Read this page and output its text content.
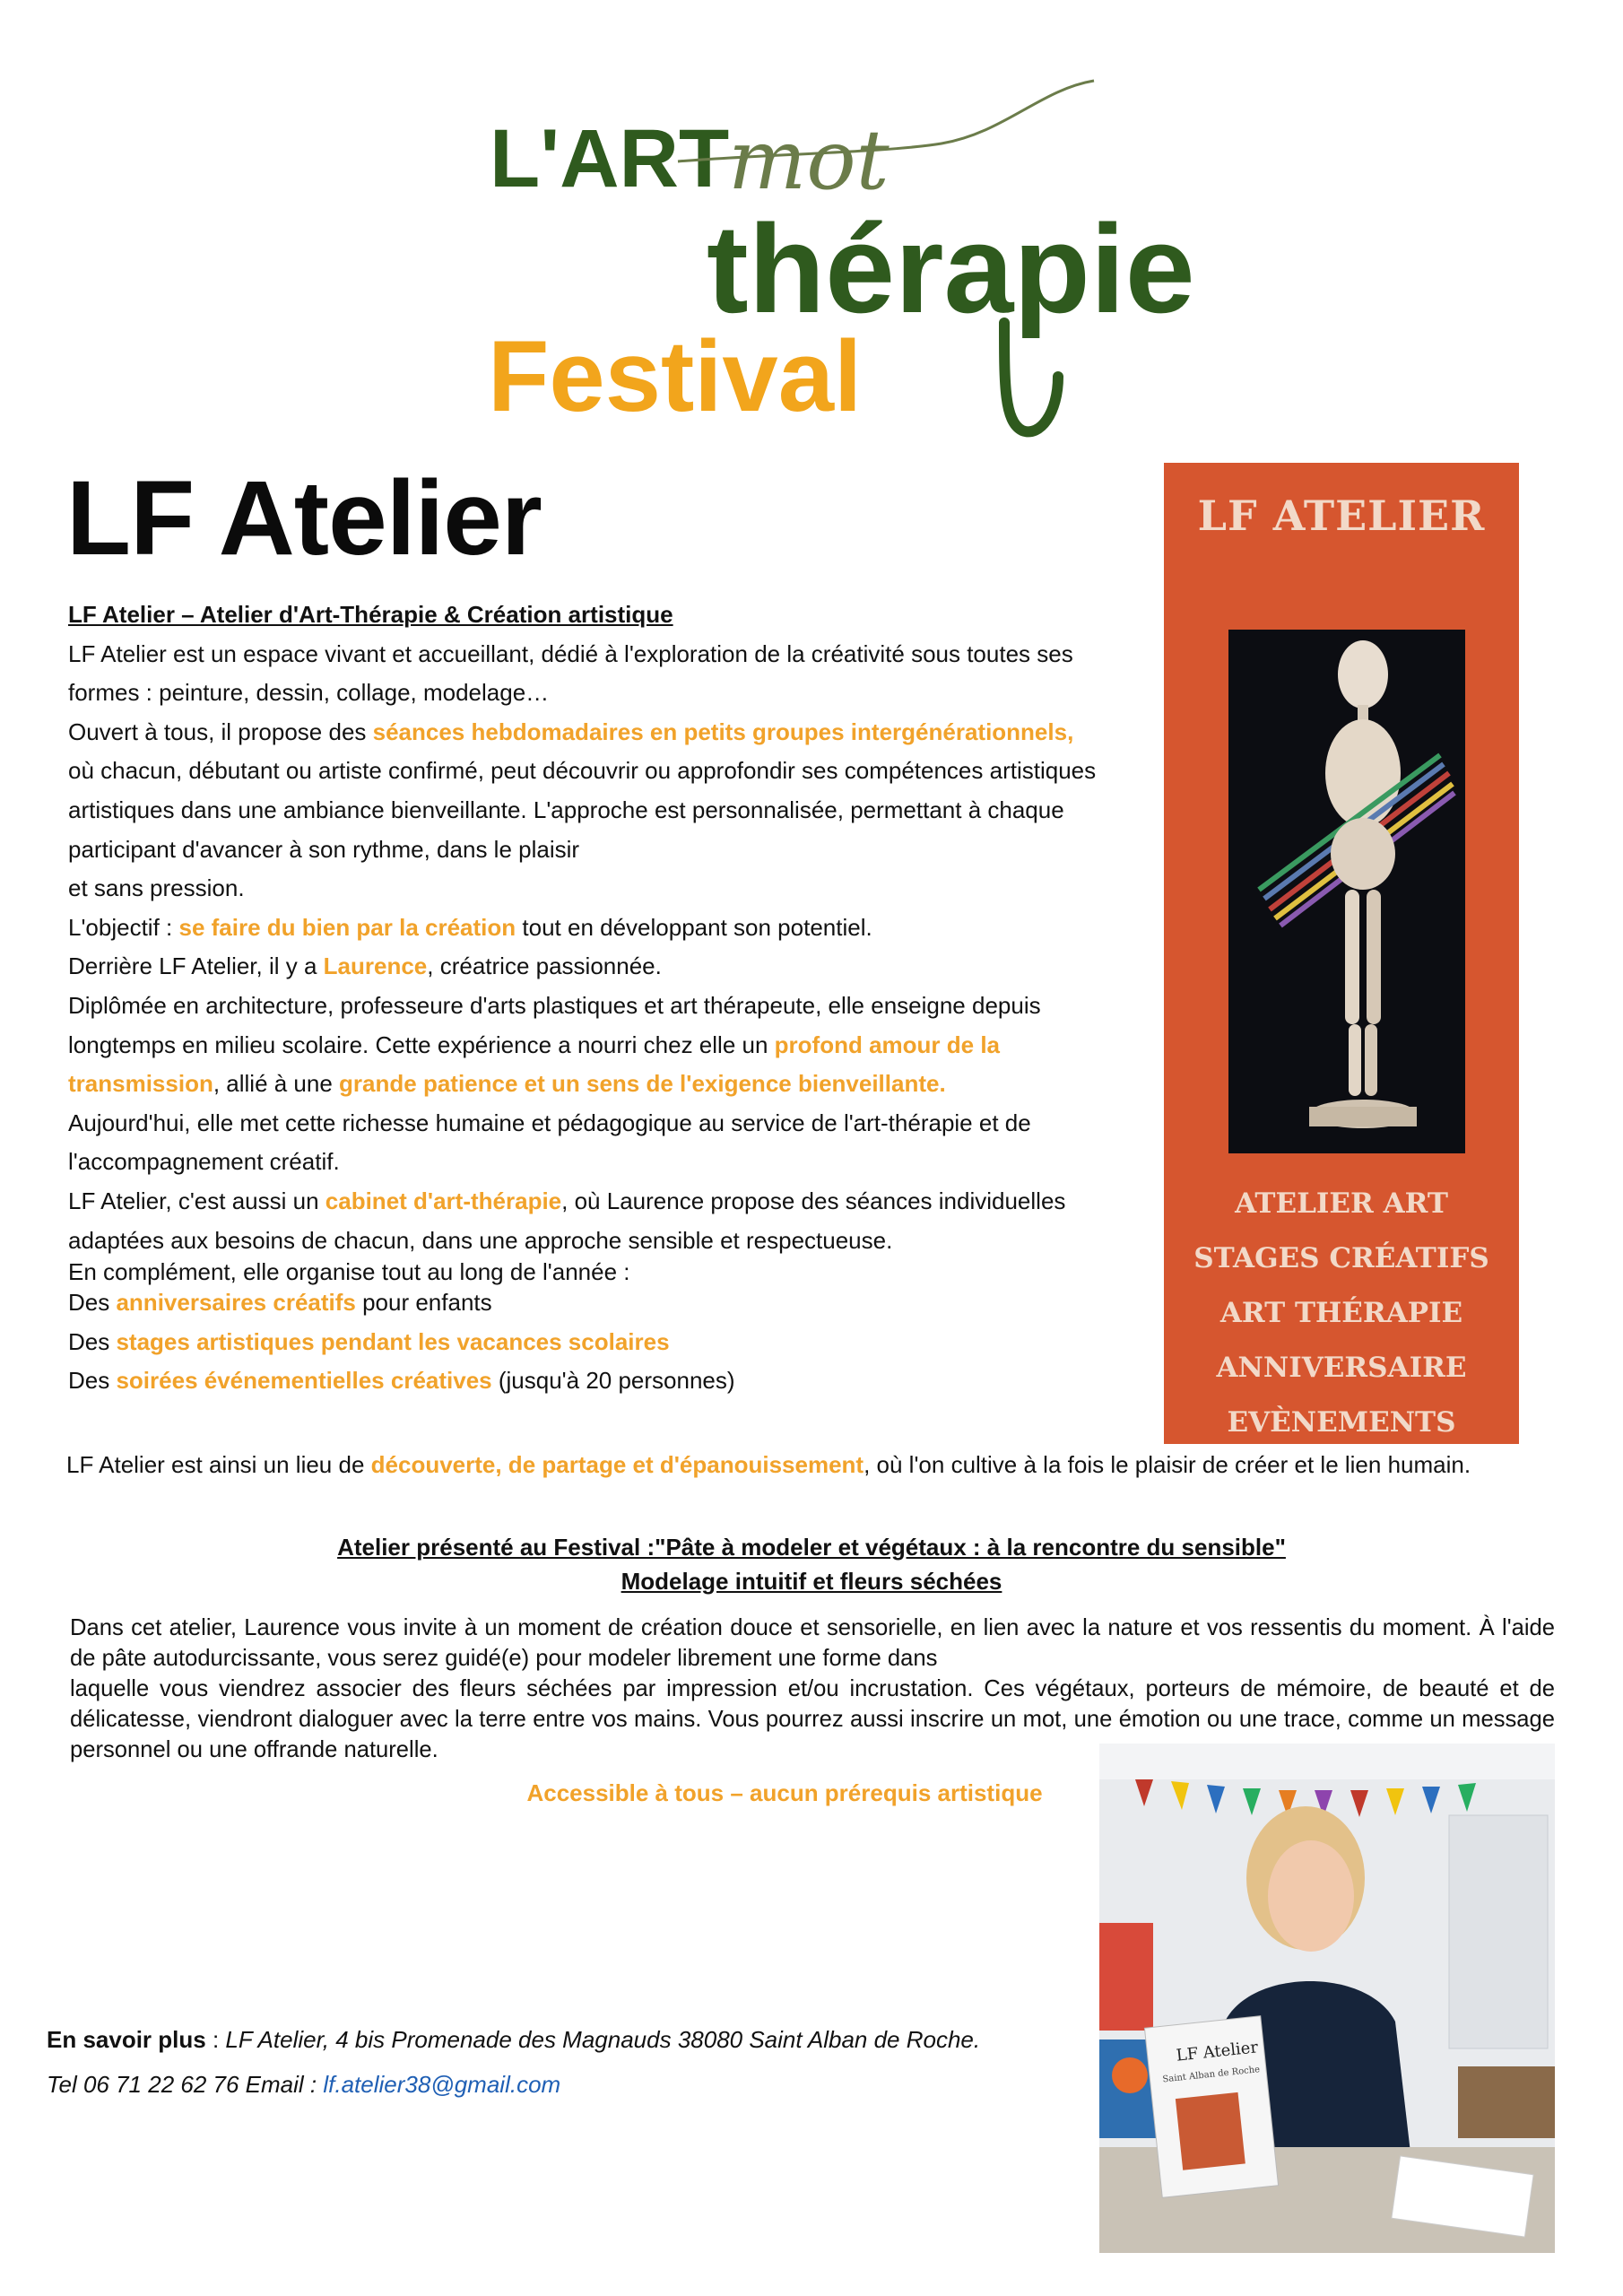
L'ART
mot
thérapie
Festival
LF Atelier

LF Atelier – Atelier d'Art-Thérapie & Création artistique

LF Atelier est un espace vivant et accueillant, dédié à l'exploration de la créativité sous toutes ses formes : peinture, dessin, collage, modelage…

Ouvert à tous, il propose des séances hebdomadaires en petits groupes intergénérationnels,
où chacun, débutant ou artiste confirmé, peut découvrir ou approfondir ses compétences artistiques

artistiques dans une ambiance bienveillante. L'approche est personnalisée, permettant à chaque participant d'avancer à son rythme, dans le plaisir

et sans pression.

L'objectif : se faire du bien par la création tout en développant son potentiel.

Derrière LF Atelier, il y a Laurence, créatrice passionnée.

Diplômée en architecture, professeure d'arts plastiques et art thérapeute, elle enseigne depuis longtemps en milieu scolaire. Cette expérience a nourri chez elle un profond amour de la transmission, allié à une grande patience et un sens de l'exigence bienveillante.

Aujourd'hui, elle met cette richesse humaine et pédagogique au service de l'art-thérapie et de l'accompagnement créatif.

LF Atelier, c'est aussi un cabinet d'art-thérapie, où Laurence propose des séances individuelles adaptées aux besoins de chacun, dans une approche sensible et respectueuse.

En complément, elle organise tout au long de l'année :

Des anniversaires créatifs pour enfants

Des stages artistiques pendant les vacances scolaires

Des soirées événementielles créatives (jusqu'à 20 personnes)

LF ATELIER
ATELIER ART
STAGES CRÉATIFS
ART THÉRAPIE
ANNIVERSAIRE
EVÈNEMENTS
LF Atelier est ainsi un lieu de découverte, de partage et d'épanouissement, où l'on cultive à la fois le plaisir de créer et le lien humain.
Atelier présenté au Festival :"Pâte à modeler et végétaux : à la rencontre du sensible"
Modelage intuitif et fleurs séchées

Dans cet atelier, Laurence vous invite à un moment de création douce et sensorielle, en lien avec la nature et vos ressentis du moment. À l'aide de pâte autodurcissante, vous serez guidé(e) pour modeler librement une forme dans

laquelle vous viendrez associer des fleurs séchées par impression et/ou incrustation. Ces végétaux, porteurs de mémoire, de beauté et de délicatesse, viendront dialoguer avec la terre entre vos mains. Vous pourrez aussi inscrire un mot, une émotion ou une trace, comme un message personnel ou une offrande naturelle.

Accessible à tous – aucun prérequis artistique
En savoir plus : LF Atelier, 4 bis Promenade des Magnauds 38080 Saint Alban de Roche.
Tel 06 71 22 62 76 Email : lf.atelier38@gmail.com
LF Atelier
Saint Alban de Roche
